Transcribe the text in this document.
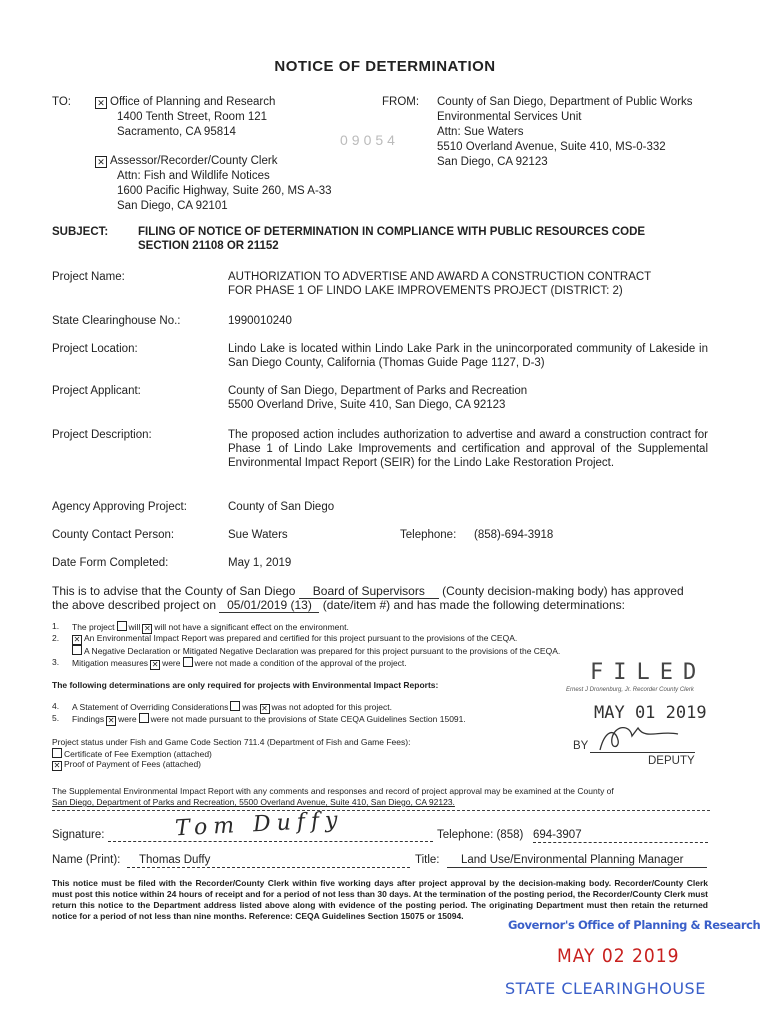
NOTICE OF DETERMINATION
TO:	✕ Office of Planning and Research
1400 Tenth Street, Room 121
Sacramento, CA 95814	09054
✕ Assessor/Recorder/County Clerk
Attn: Fish and Wildlife Notices
1600 Pacific Highway, Suite 260, MS A-33
San Diego, CA 92101
FROM: County of San Diego, Department of Public Works
Environmental Services Unit
Attn: Sue Waters
5510 Overland Avenue, Suite 410, MS-0-332
San Diego, CA 92123
SUBJECT:	FILING OF NOTICE OF DETERMINATION IN COMPLIANCE WITH PUBLIC RESOURCES CODE
SECTION 21108 OR 21152
Project Name:	AUTHORIZATION TO ADVERTISE AND AWARD A CONSTRUCTION CONTRACT
FOR PHASE 1 OF LINDO LAKE IMPROVEMENTS PROJECT (DISTRICT: 2)
State Clearinghouse No.:	1990010240
Project Location:	Lindo Lake is located within Lindo Lake Park in the unincorporated community of Lakeside in San Diego County, California (Thomas Guide Page 1127, D-3)
Project Applicant:	County of San Diego, Department of Parks and Recreation
5500 Overland Drive, Suite 410, San Diego, CA 92123
Project Description:	The proposed action includes authorization to advertise and award a construction contract for Phase 1 of Lindo Lake Improvements and certification and approval of the Supplemental Environmental Impact Report (SEIR) for the Lindo Lake Restoration Project.
Agency Approving Project:	County of San Diego
County Contact Person:	Sue Waters	Telephone: (858)-694-3918
Date Form Completed:	May 1, 2019
This is to advise that the County of San Diego Board of Supervisors (County decision-making body) has approved
the above described project on 05/01/2019 (13) (date/item #) and has made the following determinations:
1. The project will ✕ will not have a significant effect on the environment.
2. ✕ An Environmental Impact Report was prepared and certified for this project pursuant to the provisions of the CEQA.
A Negative Declaration or Mitigated Negative Declaration was prepared for this project pursuant to the provisions of the CEQA.
3. Mitigation measures ✕ were were not made a condition of the approval of the project.
The following determinations are only required for projects with Environmental Impact Reports:
4. A Statement of Overriding Considerations was ✕ was not adopted for this project.
5. Findings ✕ were were not made pursuant to the provisions of State CEQA Guidelines Section 15091.
Project status under Fish and Game Code Section 711.4 (Department of Fish and Game Fees):
Certificate of Fee Exemption (attached)
✕ Proof of Payment of Fees (attached)
FILED
Ernest J Dronenburg, Jr. Recorder County Clerk
MAY 01 2019
BY
DEPUTY
The Supplemental Environmental Impact Report with any comments and responses and record of project approval may be examined at the County of
San Diego, Department of Parks and Recreation, 5500 Overland Avenue, Suite 410, San Diego, CA 92123.
Signature:	Tom Duffy	Telephone: (858) 694-3907
Name (Print):	Thomas Duffy	Title:	Land Use/Environmental Planning Manager
This notice must be filed with the Recorder/County Clerk within five working days after project approval by the decision-making body. Recorder/County Clerk must post this notice within 24 hours of receipt and for a period of not less than 30 days. At the termination of the posting period, the Recorder/County Clerk must return this notice to the Department address listed above along with evidence of the posting period. The originating Department must then retain the returned notice for a period of not less than nine months. Reference: CEQA Guidelines Section 15075 or 15094.
Governor's Office of Planning & Research
MAY 02 2019
STATE CLEARINGHOUSE
